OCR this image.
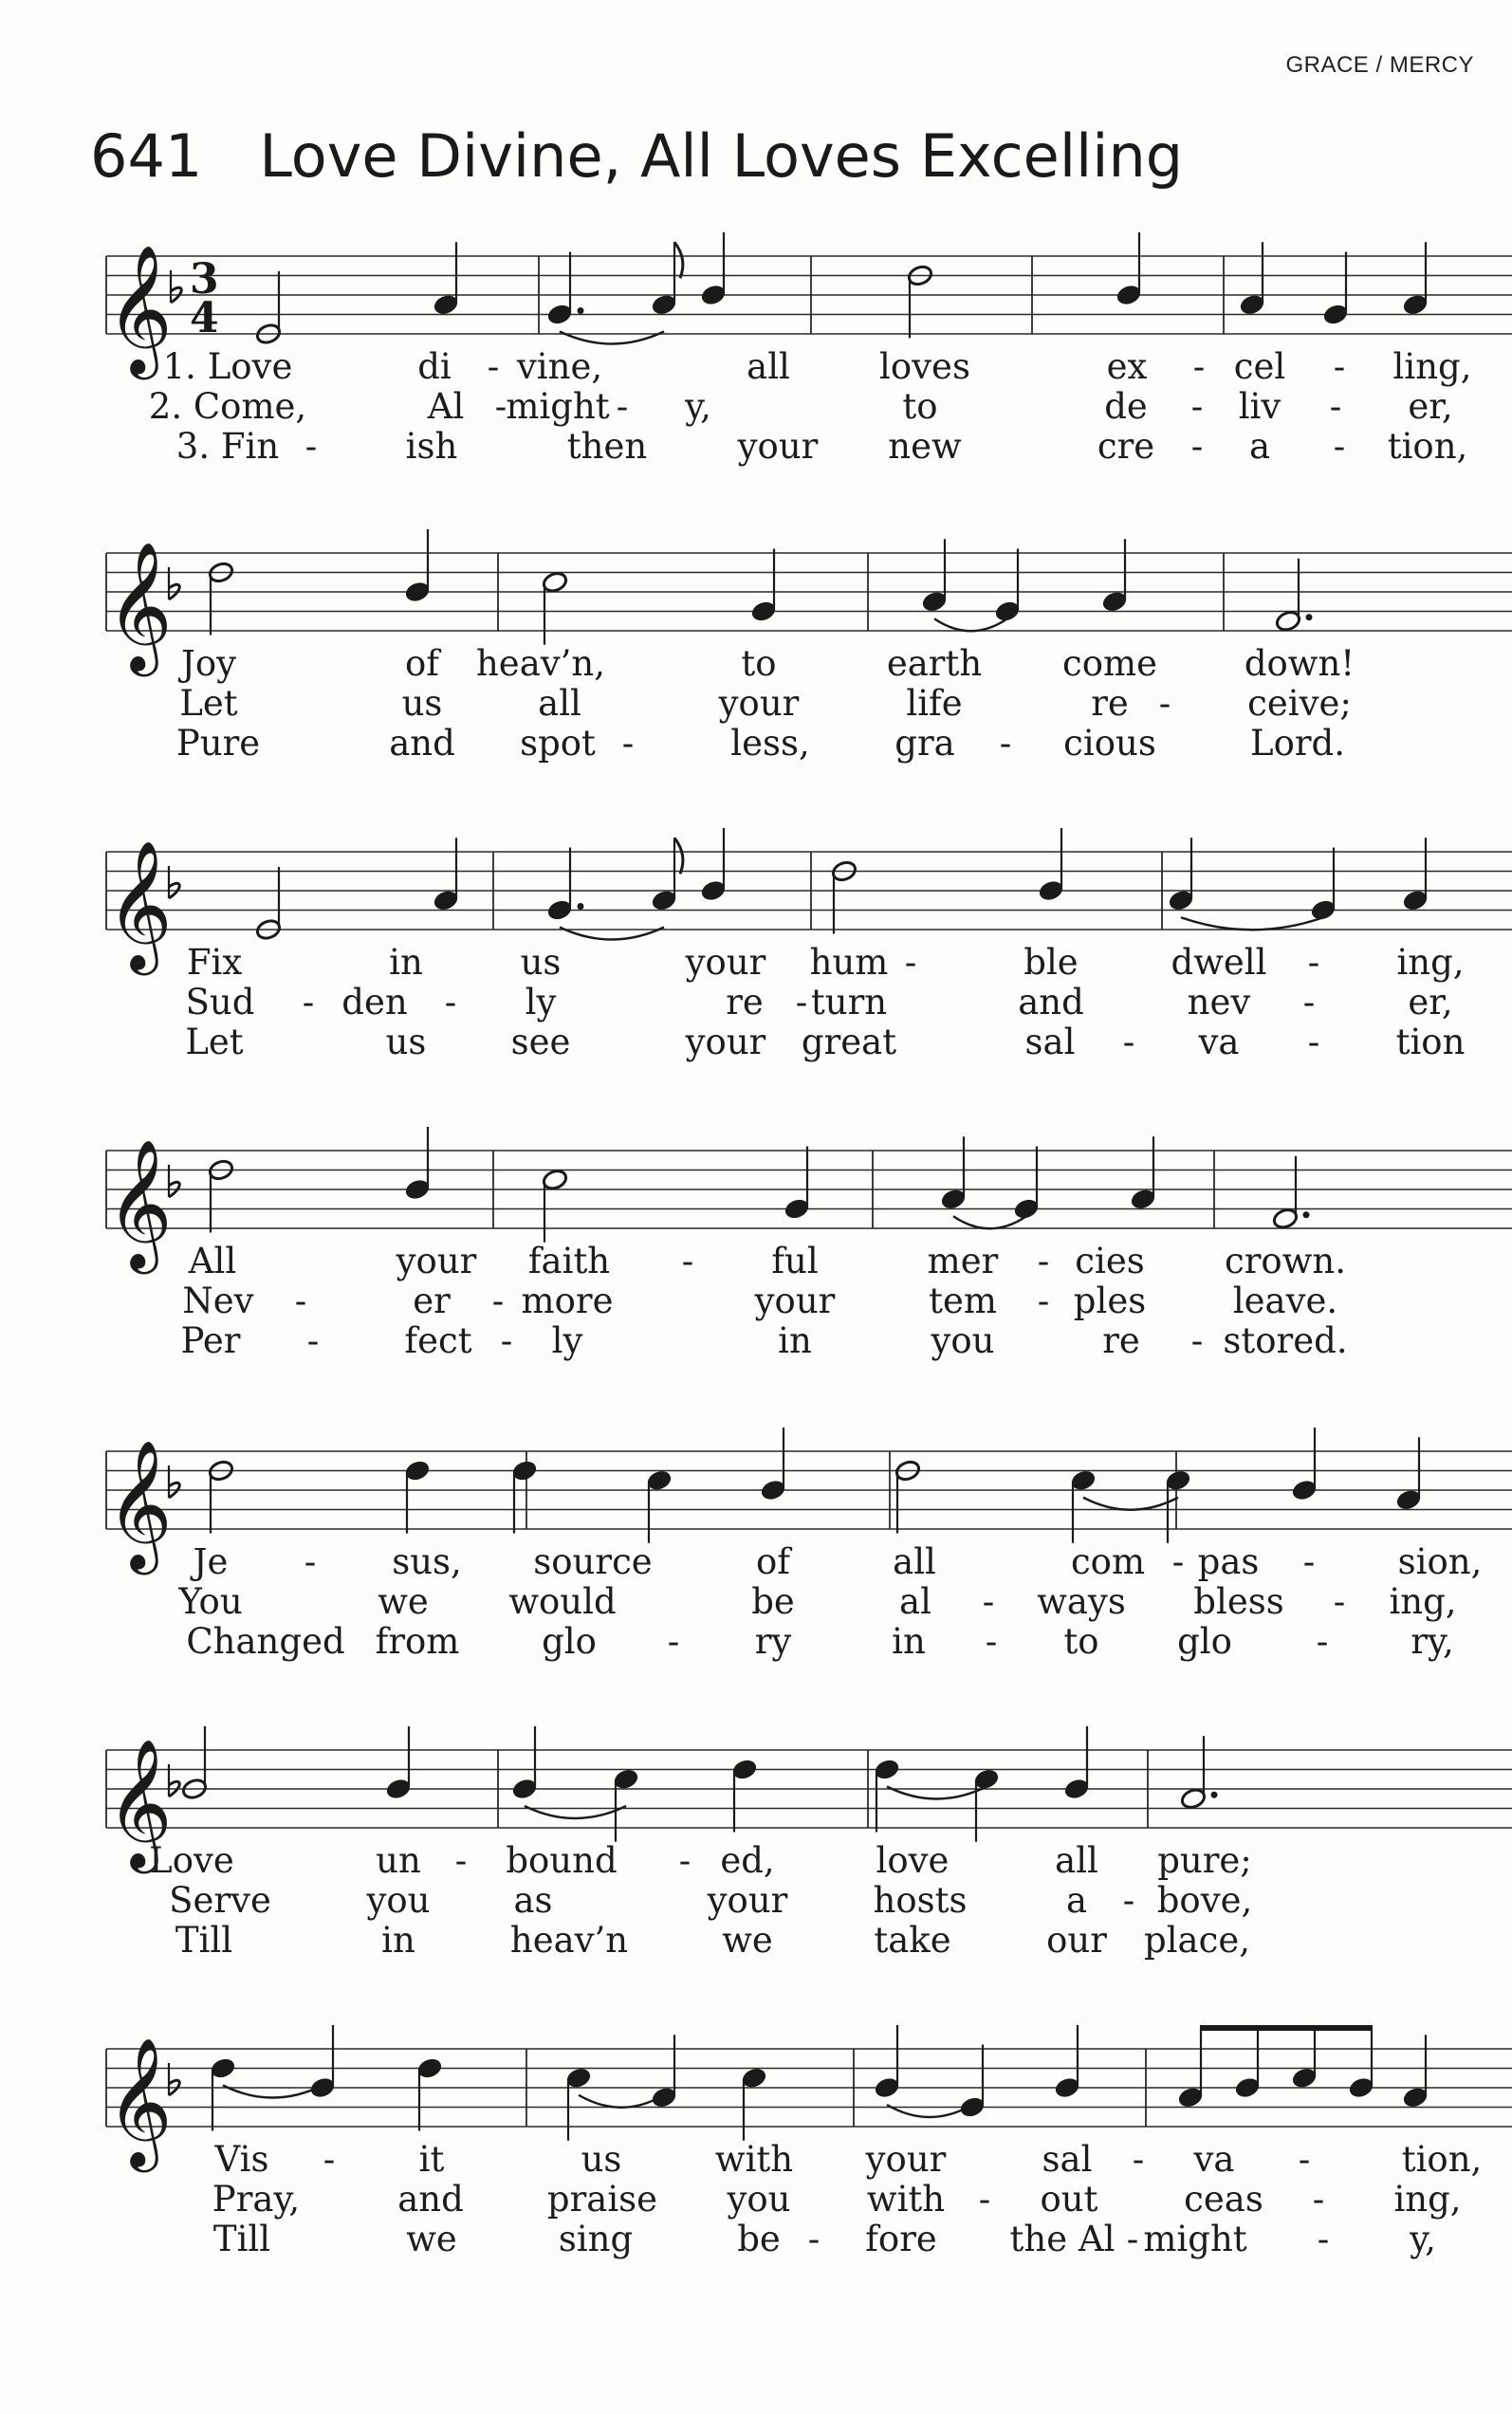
GRACE / MERCY
641 Love Divine, All Loves Excelling
𝄞 3
4
1. Love	di - vine,	all	loves	ex - cel - ling,
2. Come,	Al - might - y,	to	de - liv - er,
3. Fin -	ish	then	your new	cre - a - tion,
𝄞 Joy	of heav’n,	to	earth come down!
Let	us	all	your	life	re - ceive;
Pure	and spot -	less, gra - cious	Lord.
𝄞 Fix	in	us	your hum -	ble	dwell - ing,
Sud - den - ly	re - turn	and	nev -	er,
Let	us see	your great	sal - va - tion
𝄞 All	your faith - ful	mer - cies crown.
Nev -	er - more	your	tem - ples leave.
Per - fect - ly	in	you	re - stored.
𝄞 Je - sus, source	of	all	com - pas - sion,
You	we would	be	al - ways bless - ing,
Changed from glo - ry	in - to glo - ry,
𝄞
Love	un - bound - ed,	love	all pure;
Serve	you as	your hosts	a - bove,
Till	in	heav’n	we	take	our place,
𝄞 Vis - it	us	with your	sal - va -	tion,
Pray,	and praise you with - out ceas - ing,
Till	we	sing	be - fore the Al - might - y,
